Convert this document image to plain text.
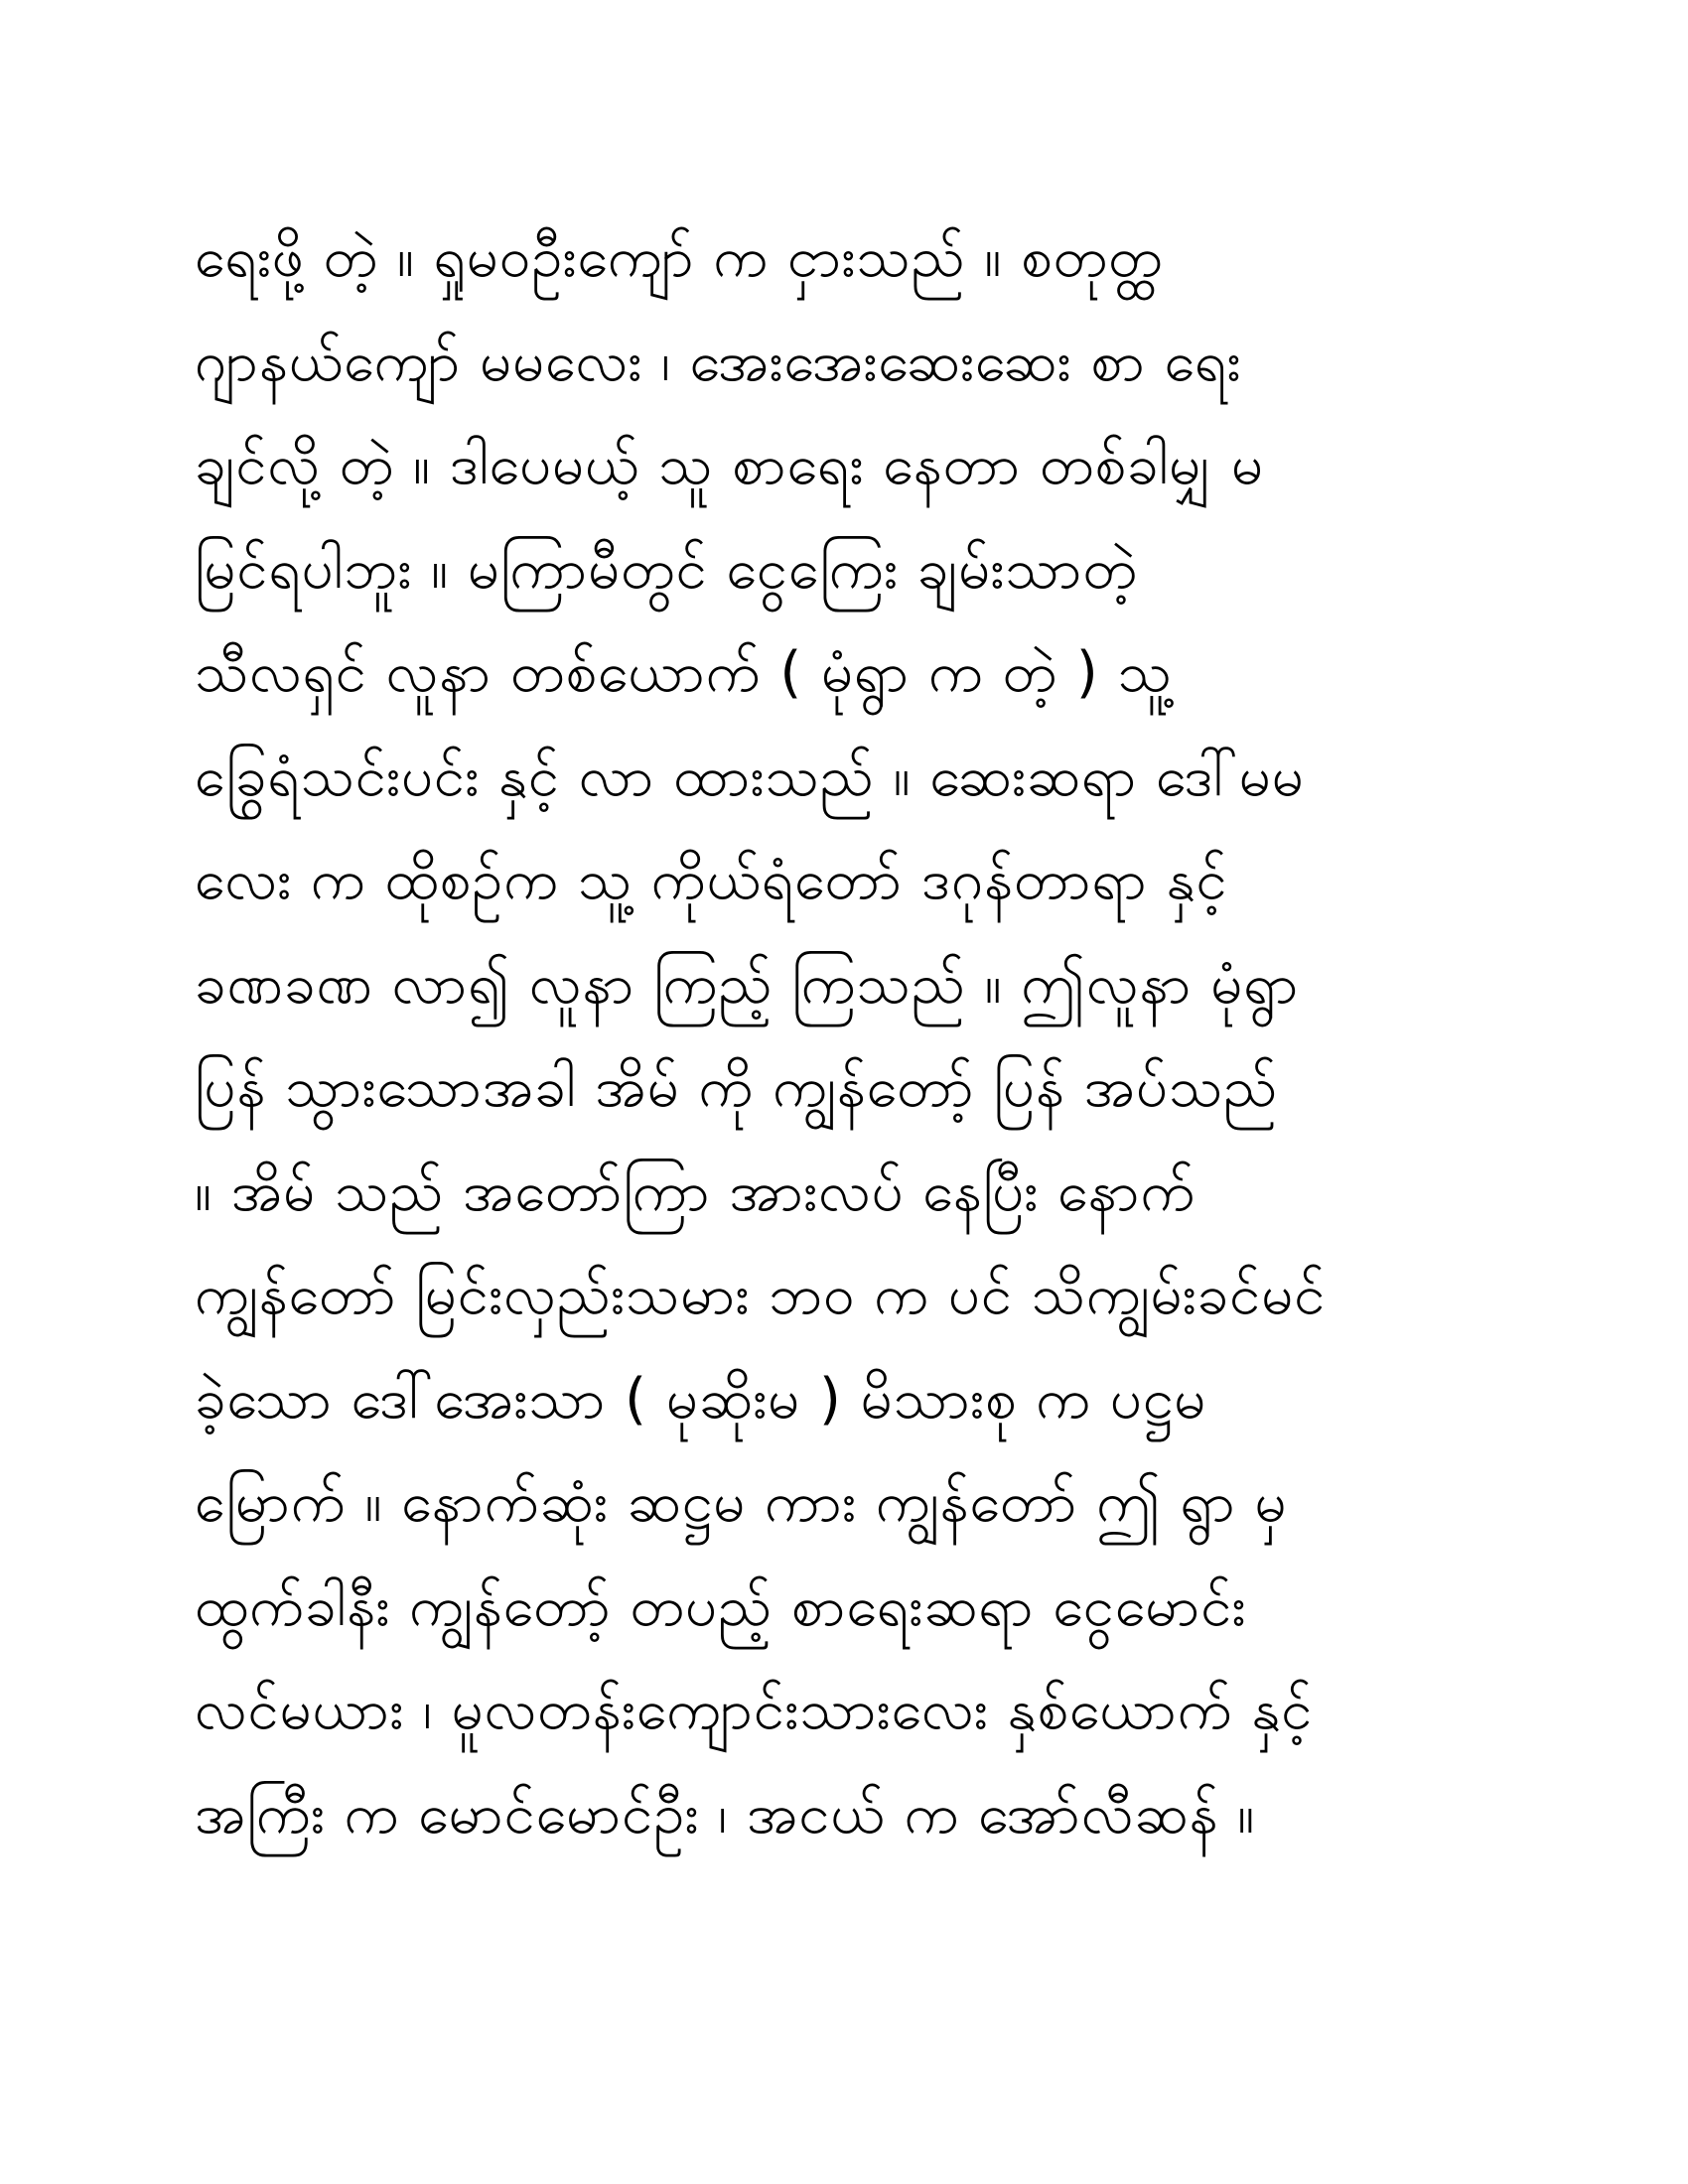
ရေးဖို့ တဲ့ ။ ရှုမဝဦးကျော် က ငှားသည် ။ စတုတ္ထ
ဂျာနယ်ကျော် မမလေး ၊ အေးအေးဆေးဆေး စာ ရေး
ချင်လို့ တဲ့ ။ ဒါပေမယ့် သူ စာရေး နေတာ တစ်ခါမျှ မ
မြင်ရပါဘူး ။ မကြာမီတွင် ငွေကြေး ချမ်းသာတဲ့
သီလရှင် လူနာ တစ်ယောက် ( မုံရွာ က တဲ့ ) သူ့
ခြွေရံသင်းပင်း နှင့် လာ ထားသည် ။ ဆေးဆရာ ဒေါ်မမ
လေး က ထိုစဉ်က သူ့ ကိုယ်ရံတော် ဒဂုန်တာရာ နှင့်
ခဏခဏ လာ၍ လူနာ ကြည့် ကြသည် ။ ဤလူနာ မုံရွာ
ပြန် သွားသောအခါ အိမ် ကို ကျွန်တော့် ပြန် အပ်သည်
။ အိမ် သည် အတော်ကြာ အားလပ် နေပြီး နောက်
ကျွန်တော် မြင်းလှည်းသမား ဘဝ က ပင် သိကျွမ်းခင်မင်
ခဲ့သော ဒေါ်အေးသာ ( မုဆိုးမ ) မိသားစု က ပဋ္ဌမ
မြောက် ။ နောက်ဆုံး ဆဋ္ဌမ ကား ကျွန်တော် ဤ ရွာ မှ
ထွက်ခါနီး ကျွန်တော့် တပည့် စာရေးဆရာ ငွေမောင်း
လင်မယား ၊ မူလတန်းကျောင်းသားလေး နှစ်ယောက် နှင့်
အကြီး က မောင်မောင်ဦး ၊ အငယ် က အော်လီဆန် ။
